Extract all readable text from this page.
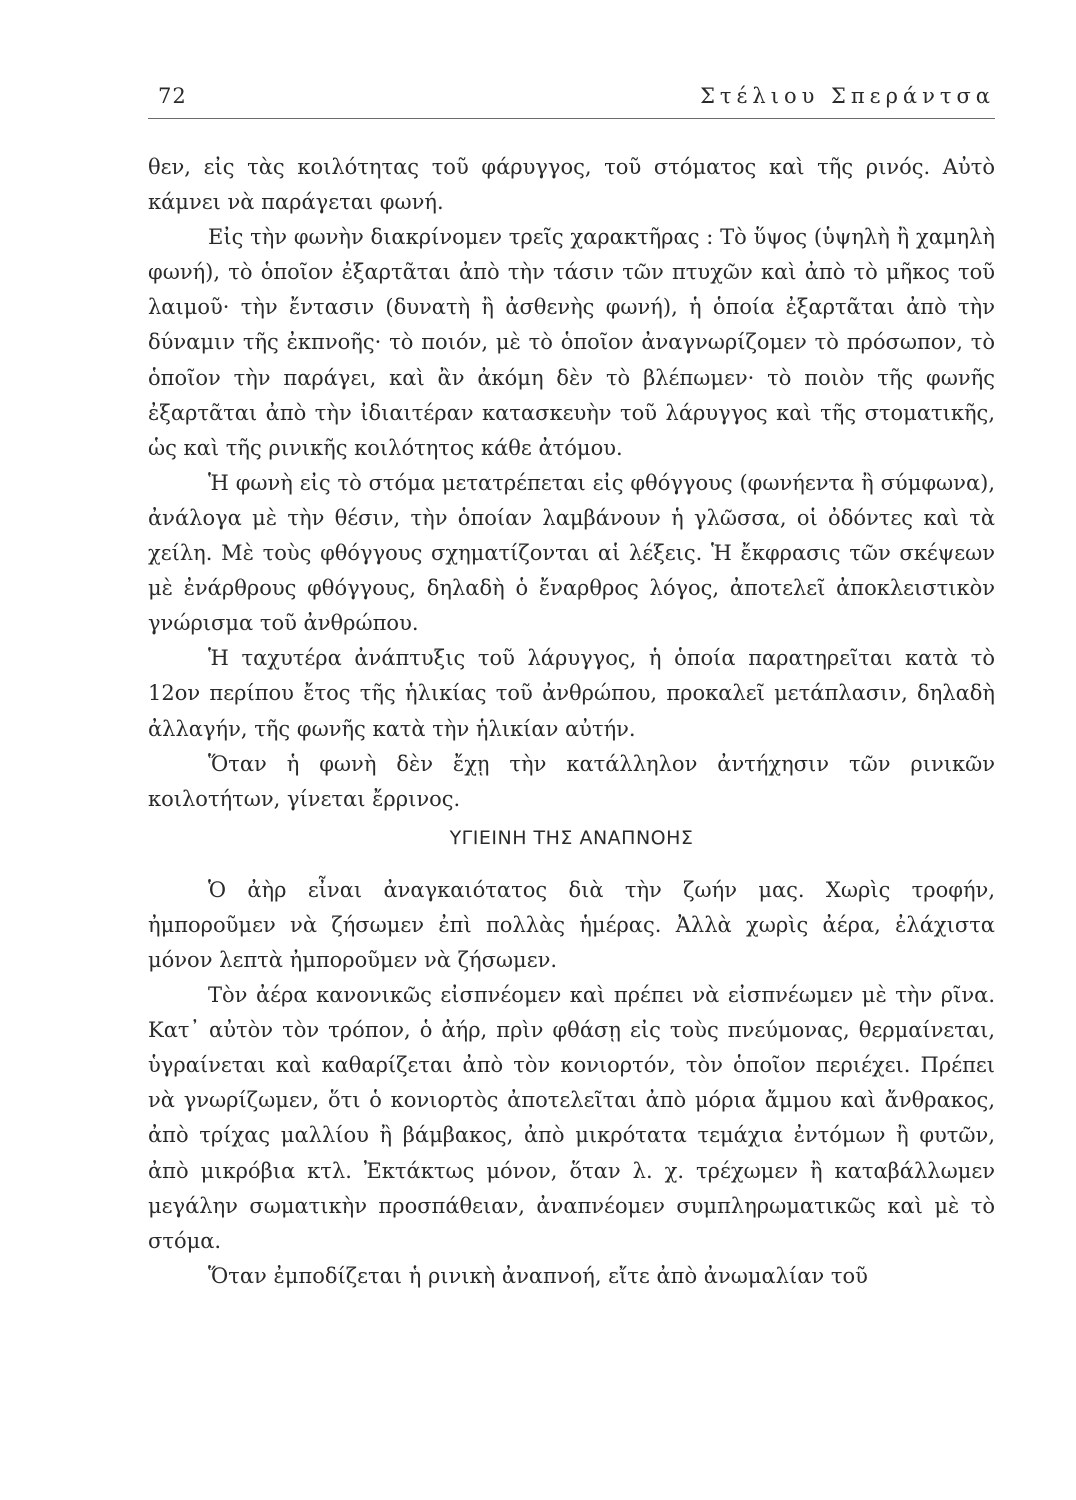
72	Στέλιου Σπεράντσα

θεν, εἰς τὰς κοιλότητας τοῦ φάρυγγος, τοῦ στόματος καὶ τῆς ρινός. Αὐτὸ κάμνει νὰ παράγεται φωνή.

Εἰς τὴν φωνὴν διακρίνομεν τρεῖς χαρακτῆρας : Τὸ ὕψος (ὑψηλὴ ἢ χαμηλὴ φωνή), τὸ ὁποῖον ἐξαρτᾶται ἀπὸ τὴν τάσιν τῶν πτυχῶν καὶ ἀπὸ τὸ μῆκος τοῦ λαιμοῦ· τὴν ἔντασιν (δυνατὴ ἢ ἀσθενὴς φωνή), ἡ ὁποία ἐξαρτᾶται ἀπὸ τὴν δύναμιν τῆς ἐκπνοῆς· τὸ ποιόν, μὲ τὸ ὁποῖον ἀναγνωρίζομεν τὸ πρόσωπον, τὸ ὁποῖον τὴν παράγει, καὶ ἂν ἀκόμη δὲν τὸ βλέπωμεν· τὸ ποιὸν τῆς φωνῆς ἐξαρτᾶται ἀπὸ τὴν ἰδιαιτέραν κατασκευὴν τοῦ λάρυγγος καὶ τῆς στοματικῆς, ὡς καὶ τῆς ρινικῆς κοιλότητος κάθε ἀτόμου.

Ἡ φωνὴ εἰς τὸ στόμα μετατρέπεται εἰς φθόγγους (φωνήεντα ἢ σύμφωνα), ἀνάλογα μὲ τὴν θέσιν, τὴν ὁποίαν λαμβάνουν ἡ γλῶσσα, οἱ ὀδόντες καὶ τὰ χείλη. Μὲ τοὺς φθόγγους σχηματίζονται αἱ λέξεις. Ἡ ἔκφρασις τῶν σκέψεων μὲ ἐνάρθρους φθόγγους, δηλαδὴ ὁ ἔναρθρος λόγος, ἀποτελεῖ ἀποκλειστικὸν γνώρισμα τοῦ ἀνθρώπου.

Ἡ ταχυτέρα ἀνάπτυξις τοῦ λάρυγγος, ἡ ὁποία παρατηρεῖται κατὰ τὸ 12ον περίπου ἔτος τῆς ἡλικίας τοῦ ἀνθρώπου, προκαλεῖ μετάπλασιν, δηλαδὴ ἀλλαγήν, τῆς φωνῆς κατὰ τὴν ἡλικίαν αὐτήν.

Ὅταν ἡ φωνὴ δὲν ἔχῃ τὴν κατάλληλον ἀντήχησιν τῶν ρινικῶν κοιλοτήτων, γίνεται ἔρρινος.

ΥΓΙΕΙΝΗ ΤΗΣ ΑΝΑΠΝΟΗΣ

Ὁ ἀὴρ εἶναι ἀναγκαιότατος διὰ τὴν ζωήν μας. Χωρὶς τροφήν, ἠμποροῦμεν νὰ ζήσωμεν ἐπὶ πολλὰς ἡμέρας. Ἀλλὰ χωρὶς ἀέρα, ἐλάχιστα μόνον λεπτὰ ἠμποροῦμεν νὰ ζήσωμεν.

Τὸν ἀέρα κανονικῶς εἰσπνέομεν καὶ πρέπει νὰ εἰσπνέωμεν μὲ τὴν ρῖνα. Κατ᾽ αὐτὸν τὸν τρόπον, ὁ ἀήρ, πρὶν φθάσῃ εἰς τοὺς πνεύμονας, θερμαίνεται, ὑγραίνεται καὶ καθαρίζεται ἀπὸ τὸν κονιορτόν, τὸν ὁποῖον περιέχει. Πρέπει νὰ γνωρίζωμεν, ὅτι ὁ κονιορτὸς ἀποτελεῖται ἀπὸ μόρια ἄμμου καὶ ἄνθρακος, ἀπὸ τρίχας μαλλίου ἢ βάμβακος, ἀπὸ μικρότατα τεμάχια ἐντόμων ἢ φυτῶν, ἀπὸ μικρόβια κτλ. Ἐκτάκτως μόνον, ὅταν λ. χ. τρέχωμεν ἢ καταβάλλωμεν μεγάλην σωματικὴν προσπάθειαν, ἀναπνέομεν συμπληρωματικῶς καὶ μὲ τὸ στόμα.

Ὅταν ἐμποδίζεται ἡ ρινικὴ ἀναπνοή, εἴτε ἀπὸ ἀνωμαλίαν τοῦ
